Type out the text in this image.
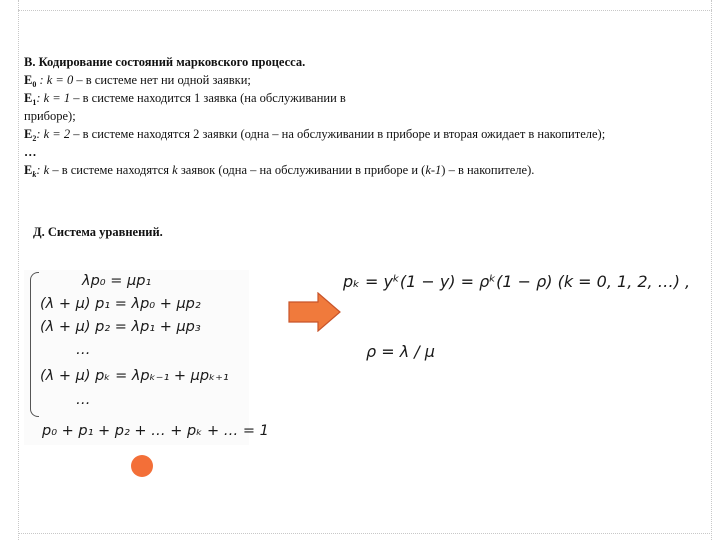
В. Кодирование состояний марковского процесса.

$E_0$ : k = 0 – в системе нет ни одной заявки;

$E_1$: k = 1 – в системе находится 1 заявка (на обслуживании в

приборе);

$E_2$: k = 2 – в системе находятся 2 заявки (одна – на обслуживании в приборе и вторая ожидает в накопителе);

…

$E_k$: k – в системе находятся k заявок (одна – на обслуживании в приборе и (k-1) – в накопителе).

Д. Система уравнений.
λp₀ = μp₁
(λ + μ) p₁ = λp₀ + μp₂
(λ + μ) p₂ = λp₁ + μp₃
…
(λ + μ) pₖ = λpₖ₋₁ + μpₖ₊₁
…
p₀ + p₁ + p₂ + … + pₖ + … = 1
pₖ = yᵏ(1 − y) = ρᵏ(1 − ρ) (k = 0, 1, 2, …) ,
ρ = λ / μ
